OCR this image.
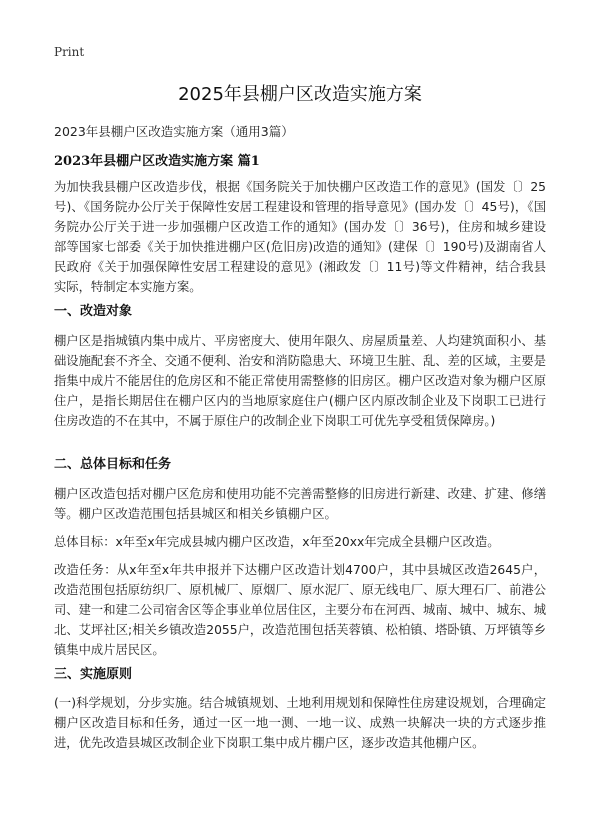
Print
2025年县棚户区改造实施方案
2023年县棚户区改造实施方案（通用3篇）
2023年县棚户区改造实施方案 篇1
为加快我县棚户区改造步伐，根据《国务院关于加快棚户区改造工作的意见》(国发〔〕25号)、《国务院办公厅关于保障性安居工程建设和管理的指导意见》(国办发〔〕45号)，《国务院办公厅关于进一步加强棚户区改造工作的通知》(国办发〔〕36号)，住房和城乡建设部等国家七部委《关于加快推进棚户区(危旧房)改造的通知》(建保〔〕190号)及湖南省人民政府《关于加强保障性安居工程建设的意见》(湘政发〔〕11号)等文件精神，结合我县实际，特制定本实施方案。
一、改造对象
棚户区是指城镇内集中成片、平房密度大、使用年限久、房屋质量差、人均建筑面积小、基础设施配套不齐全、交通不便利、治安和消防隐患大、环境卫生脏、乱、差的区域，主要是指集中成片不能居住的危房区和不能正常使用需整修的旧房区。棚户区改造对象为棚户区原住户，是指长期居住在棚户区内的当地原家庭住户(棚户区内原改制企业及下岗职工已进行住房改造的不在其中，不属于原住户的改制企业下岗职工可优先享受租赁保障房。)
二、总体目标和任务
棚户区改造包括对棚户区危房和使用功能不完善需整修的旧房进行新建、改建、扩建、修缮等。棚户区改造范围包括县城区和相关乡镇棚户区。
总体目标：x年至x年完成县城内棚户区改造，x年至20xx年完成全县棚户区改造。
改造任务：从x年至x年共申报并下达棚户区改造计划4700户，其中县城区改造2645户，改造范围包括原纺织厂、原机械厂、原烟厂、原水泥厂、原无线电厂、原大理石厂、前港公司、建一和建二公司宿舍区等企事业单位居住区，主要分布在河西、城南、城中、城东、城北、艾坪社区;相关乡镇改造2055户，改造范围包括芙蓉镇、松柏镇、塔卧镇、万坪镇等乡镇集中成片居民区。
三、实施原则
(一)科学规划，分步实施。结合城镇规划、土地利用规划和保障性住房建设规划，合理确定棚户区改造目标和任务，通过一区一地一测、一地一议、成熟一块解决一块的方式逐步推进，优先改造县城区改制企业下岗职工集中成片棚户区，逐步改造其他棚户区。
